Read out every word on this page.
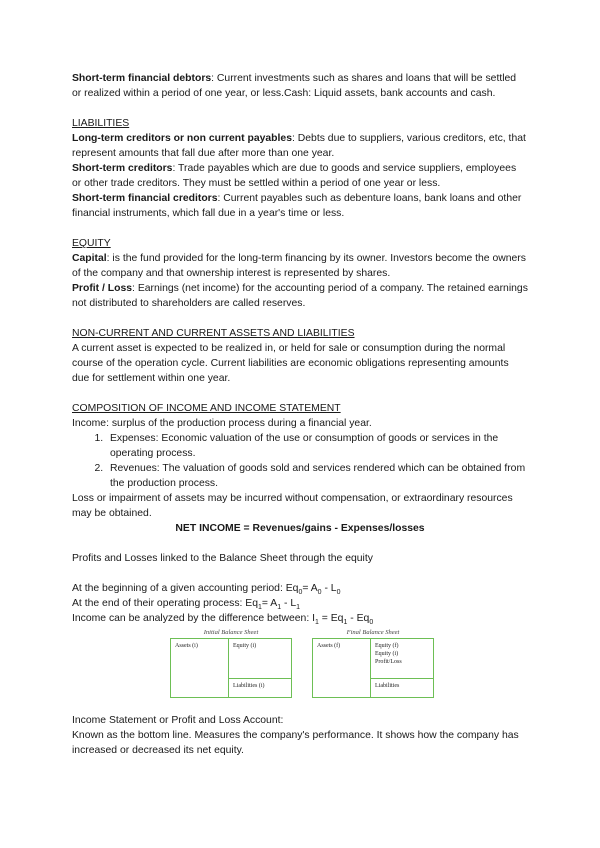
Short-term financial debtors: Current investments such as shares and loans that will be settled or realized within a period of one year, or less.Cash: Liquid assets, bank accounts and cash.

LIABILITIES

Long-term creditors or non current payables: Debts due to suppliers, various creditors, etc, that represent amounts that fall due after more than one year.

Short-term creditors: Trade payables which are due to goods and service suppliers, employees or other trade creditors. They must be settled within a period of one year or less.

Short-term financial creditors: Current payables such as debenture loans, bank loans and other financial instruments, which fall due in a year's time or less.

EQUITY

Capital: is the fund provided for the long-term financing by its owner. Investors become the owners of the company and that ownership interest is represented by shares.

Profit / Loss: Earnings (net income) for the accounting period of a company. The retained earnings not distributed to shareholders are called reserves.

NON-CURRENT AND CURRENT ASSETS AND LIABILITIES

A current asset is expected to be realized in, or held for sale or consumption during the normal course of the operation cycle. Current liabilities are economic obligations representing amounts due for settlement within one year.

COMPOSITION OF INCOME AND INCOME STATEMENT

Income: surplus of the production process during a financial year.

1. Expenses: Economic valuation of the use or consumption of goods or services in the operating process.
2. Revenues: The valuation of goods sold and services rendered which can be obtained from the production process.

Loss or impairment of assets may be incurred without compensation, or extraordinary resources may be obtained.

NET INCOME = Revenues/gains - Expenses/losses

Profits and Losses linked to the Balance Sheet through the equity

At the beginning of a given accounting period: $Eq_0= A_0 - L_0$

At the end of their operating process: $Eq_1= A_1 - L_1$

Income can be analyzed by the difference between: $I_1 = Eq_1 - Eq_0$

Initial Balance Sheet
Assets (i)	Equity (i)
Liabilities (i)
Final Balance Sheet
Assets (f)	Equity (f)
Equity (i)
Profit/Loss
Liabilities

Income Statement or Profit and Loss Account:

Known as the bottom line. Measures the company's performance. It shows how the company has increased or decreased its net equity.
